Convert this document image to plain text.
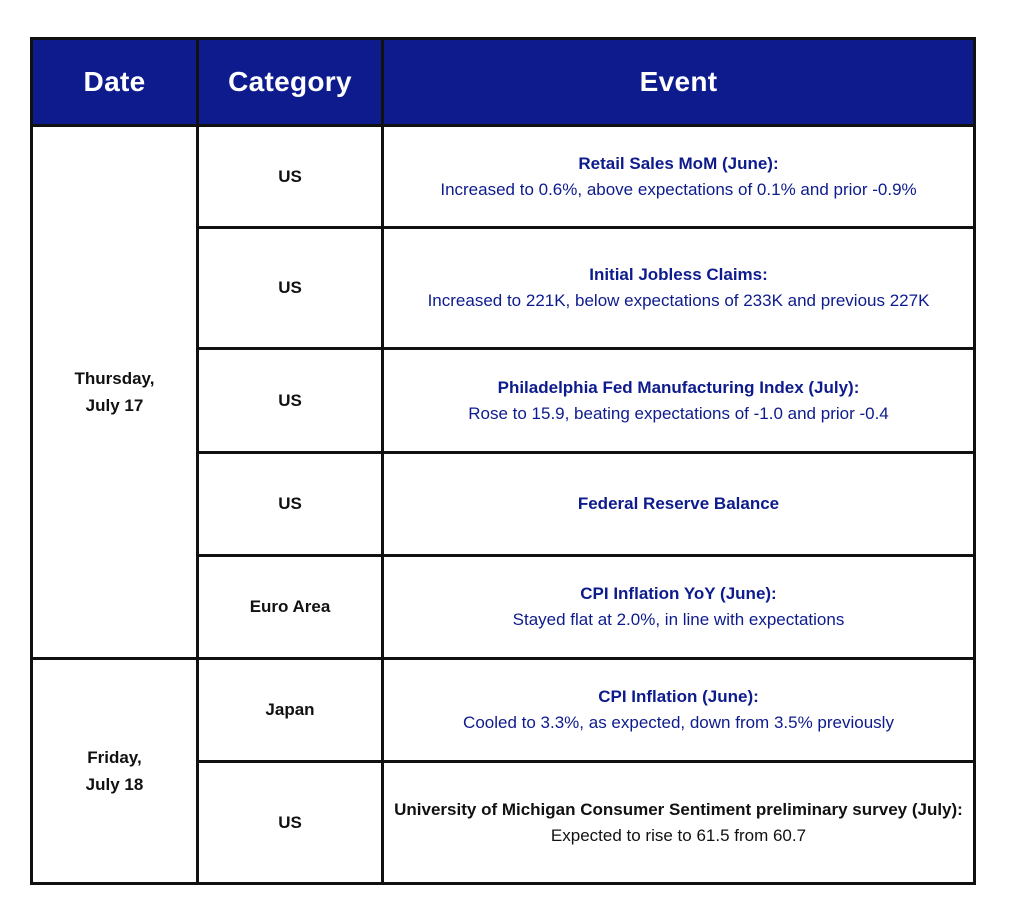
Date	Category	Event

Thursday,
July 17	US	Retail Sales MoM (June):
Increased to 0.6%, above expectations of 0.1% and prior -0.9%

	US	Initial Jobless Claims:
Increased to 221K, below expectations of 233K and previous 227K

	US	Philadelphia Fed Manufacturing Index (July):
Rose to 15.9, beating expectations of -1.0 and prior -0.4

	US	Federal Reserve Balance

	Euro Area	CPI Inflation YoY (June):
Stayed flat at 2.0%, in line with expectations

Friday,
July 18	Japan	CPI Inflation (June):
Cooled to 3.3%, as expected, down from 3.5% previously

	US	University of Michigan Consumer Sentiment preliminary survey (July):
Expected to rise to 61.5 from 60.7
